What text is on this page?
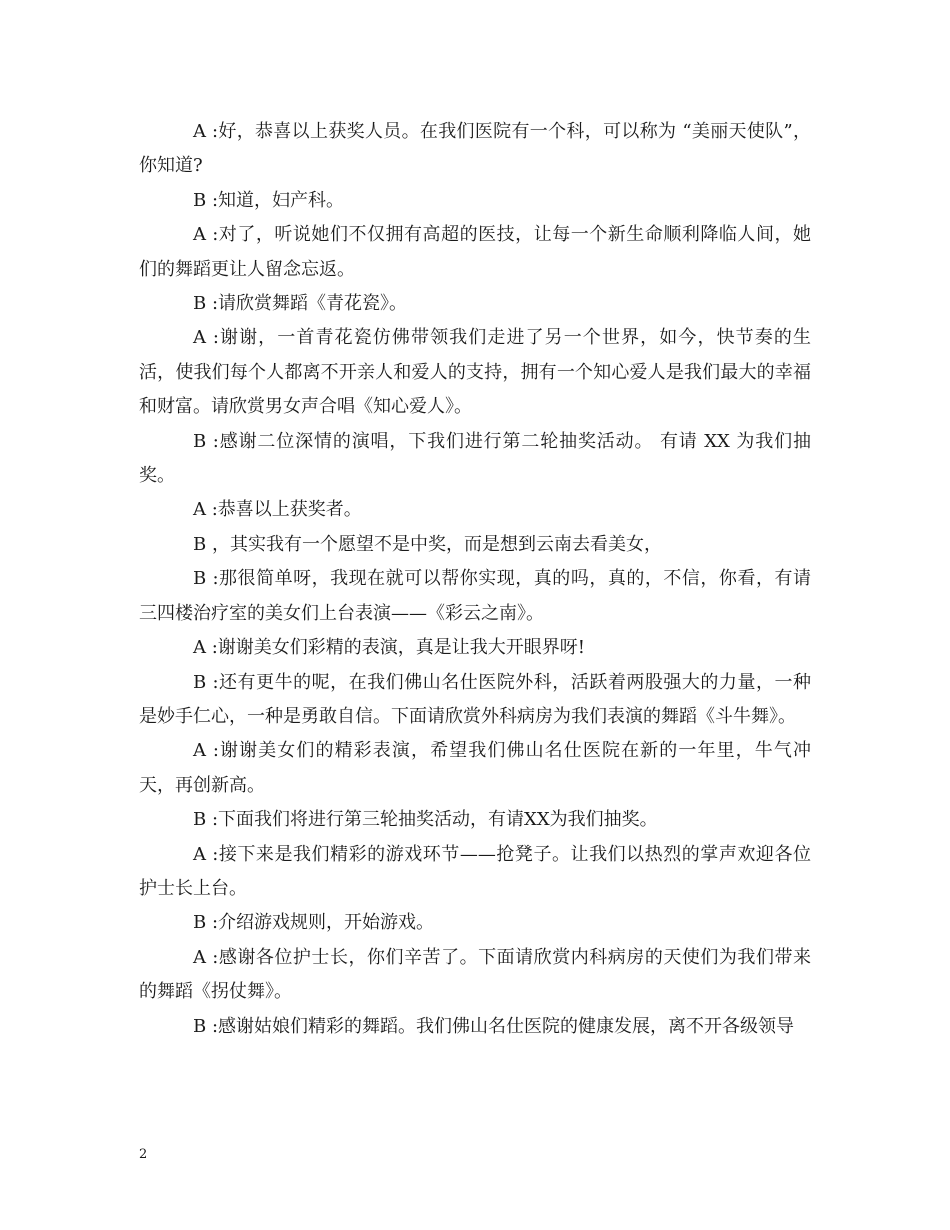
A :好，恭喜以上获奖人员。在我们医院有一个科，可以称为 “美丽天使队”，你知道?

B :知道，妇产科。

A :对了，听说她们不仅拥有高超的医技，让每一个新生命顺利降临人间，她们的舞蹈更让人留念忘返。

B :请欣赏舞蹈《青花瓷》。

A :谢谢，一首青花瓷仿佛带领我们走进了另一个世界，如今，快节奏的生活，使我们每个人都离不开亲人和爱人的支持，拥有一个知心爱人是我们最大的幸福和财富。请欣赏男女声合唱《知心爱人》。

B :感谢二位深情的演唱，下我们进行第二轮抽奖活动。 有请 XX 为我们抽奖。

A :恭喜以上获奖者。

B ，其实我有一个愿望不是中奖，而是想到云南去看美女，

B :那很简单呀，我现在就可以帮你实现，真的吗，真的，不信，你看，有请三四楼治疗室的美女们上台表演——《彩云之南》。

A :谢谢美女们彩精的表演，真是让我大开眼界呀!

B :还有更牛的呢，在我们佛山名仕医院外科，活跃着两股强大的力量，一种是妙手仁心，一种是勇敢自信。下面请欣赏外科病房为我们表演的舞蹈《斗牛舞》。

A :谢谢美女们的精彩表演，希望我们佛山名仕医院在新的一年里，牛气冲天，再创新高。

B :下面我们将进行第三轮抽奖活动，有请XX为我们抽奖。

A :接下来是我们精彩的游戏环节——抢凳子。让我们以热烈的掌声欢迎各位护士长上台。

B :介绍游戏规则，开始游戏。

A :感谢各位护士长，你们辛苦了。下面请欣赏内科病房的天使们为我们带来的舞蹈《拐仗舞》。

B :感谢姑娘们精彩的舞蹈。我们佛山名仕医院的健康发展，离不开各级领导

2
